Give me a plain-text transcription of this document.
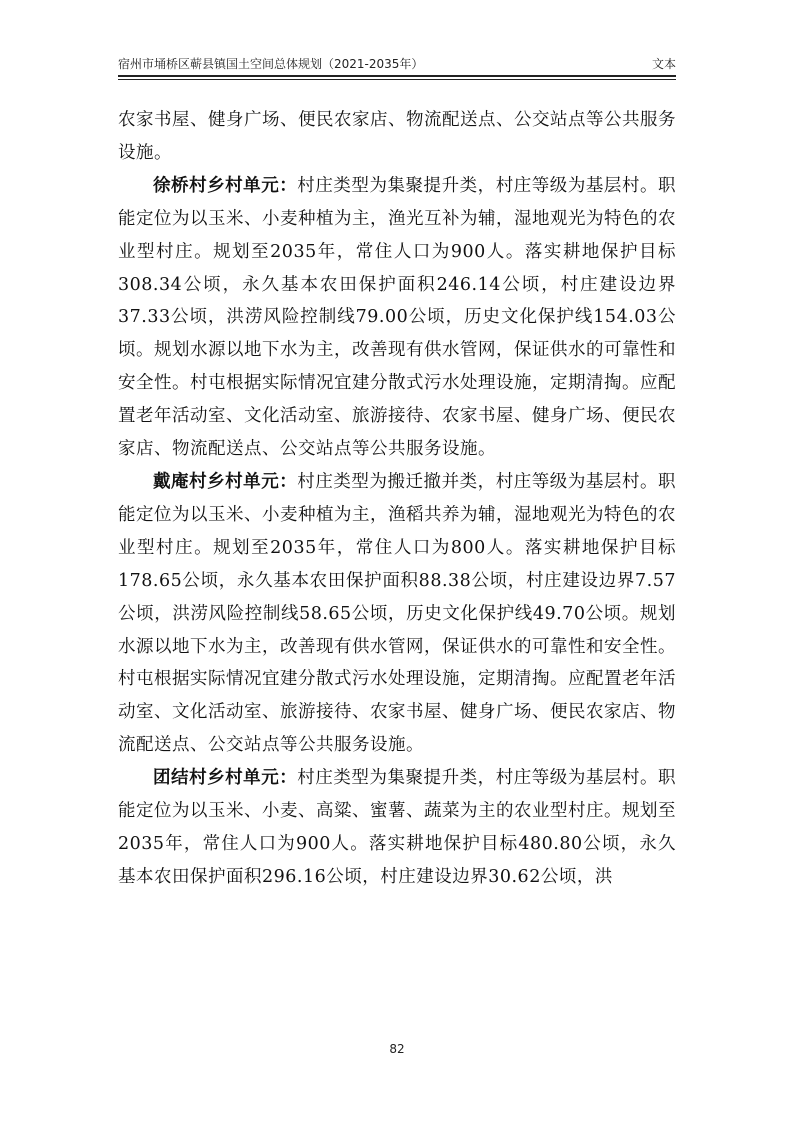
宿州市埇桥区蕲县镇国土空间总体规划（2021-2035年）	文本

农家书屋、健身广场、便民农家店、物流配送点、公交站点等公共服务设施。

徐桥村乡村单元：村庄类型为集聚提升类，村庄等级为基层村。职能定位为以玉米、小麦种植为主，渔光互补为辅，湿地观光为特色的农业型村庄。规划至2035年，常住人口为900人。落实耕地保护目标308.34公顷，永久基本农田保护面积246.14公顷，村庄建设边界37.33公顷，洪涝风险控制线79.00公顷，历史文化保护线154.03公顷。规划水源以地下水为主，改善现有供水管网，保证供水的可靠性和安全性。村屯根据实际情况宜建分散式污水处理设施，定期清掏。应配置老年活动室、文化活动室、旅游接待、农家书屋、健身广场、便民农家店、物流配送点、公交站点等公共服务设施。

戴庵村乡村单元：村庄类型为搬迁撤并类，村庄等级为基层村。职能定位为以玉米、小麦种植为主，渔稻共养为辅，湿地观光为特色的农业型村庄。规划至2035年，常住人口为800人。落实耕地保护目标178.65公顷，永久基本农田保护面积88.38公顷，村庄建设边界7.57公顷，洪涝风险控制线58.65公顷，历史文化保护线49.70公顷。规划水源以地下水为主，改善现有供水管网，保证供水的可靠性和安全性。村屯根据实际情况宜建分散式污水处理设施，定期清掏。应配置老年活动室、文化活动室、旅游接待、农家书屋、健身广场、便民农家店、物流配送点、公交站点等公共服务设施。

团结村乡村单元：村庄类型为集聚提升类，村庄等级为基层村。职能定位为以玉米、小麦、高粱、蜜薯、蔬菜为主的农业型村庄。规划至2035年，常住人口为900人。落实耕地保护目标480.80公顷，永久基本农田保护面积296.16公顷，村庄建设边界30.62公顷，洪

82
